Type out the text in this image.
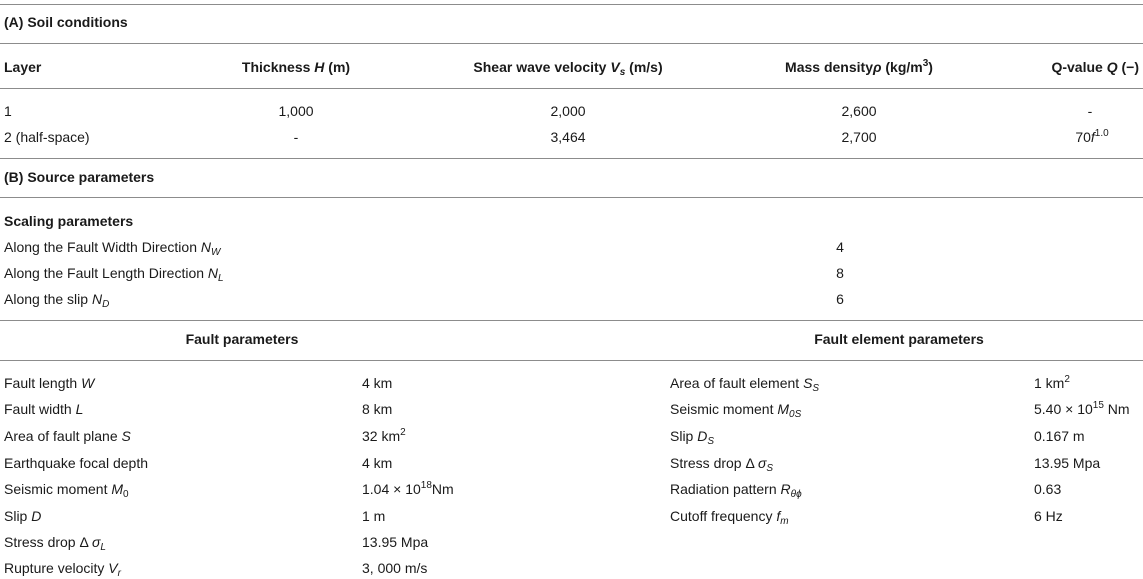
(A) Soil conditions
Layer	Thickness H (m)	Shear wave velocity $V_s$ (m/s)	Mass densityρ $(kg/m^3)$	Q-value Q (−)
1	1,000	2,000	2,600	-
2 (half-space)	-	3,464	2,700	$70f^{1.0}$
(B) Source parameters
Scaling parameters
Along the Fault Width Direction $N_W$	4
Along the Fault Length Direction $N_L$	8
Along the slip $N_D$	6
Fault parameters	Fault element parameters
Fault length W	4 km
Fault width L	8 km
Area of fault plane S	32 $km^2$
Earthquake focal depth	4 km
Seismic moment $M_0$	$1.04 \times 10^{18}Nm$
Slip D	1 m
Stress drop Δ $\sigma_L$	13.95 Mpa
Rupture velocity $V_r$	3, 000 m/s
Area of fault element $S_S$	1 $km^2$
Seismic moment $M_{0S}$	$5.40 \times 10^{15}$ Nm
Slip $D_S$	0.167 m
Stress drop Δ $\sigma_S$	13.95 Mpa
Radiation pattern $R_{\theta\phi}$	0.63
Cutoff frequency $f_m$	6 Hz
